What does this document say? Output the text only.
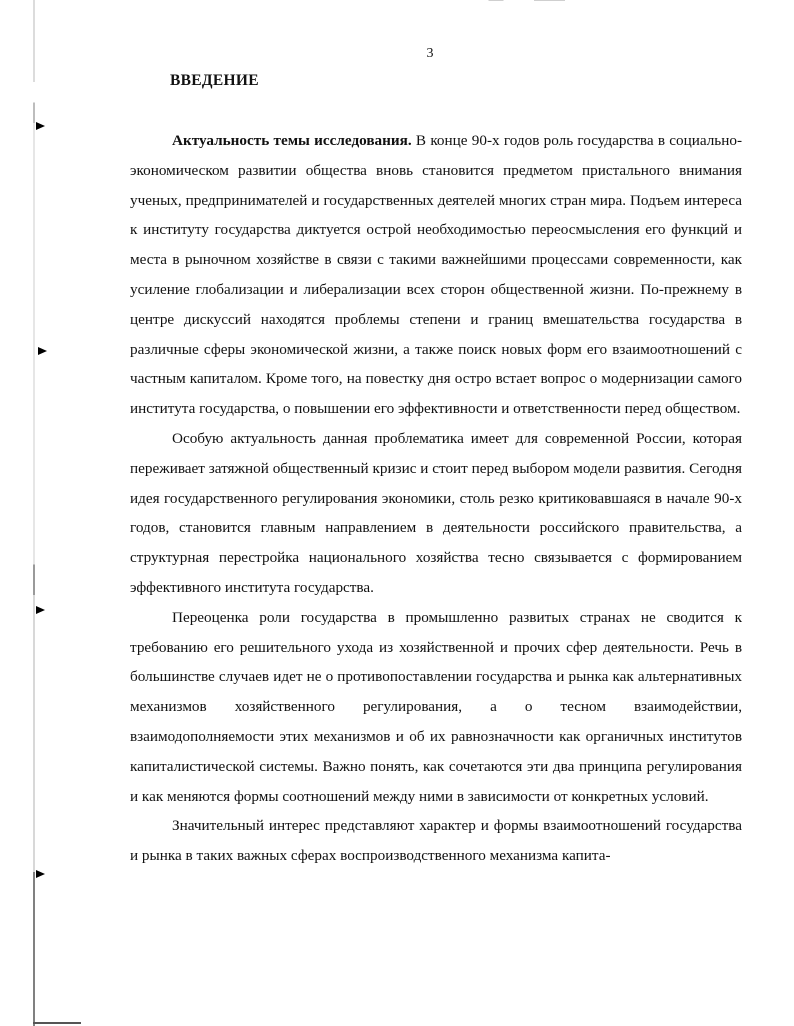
3
ВВЕДЕНИЕ

Актуальность темы исследования. В конце 90-х годов роль государства в социально-экономическом развитии общества вновь становится предметом пристального внимания ученых, предпринимателей и государственных деятелей многих стран мира. Подъем интереса к институту государства диктуется острой необходимостью переосмысления его функций и места в рыночном хозяйстве в связи с такими важнейшими процессами современности, как усиление глобализации и либерализации всех сторон общественной жизни. По-прежнему в центре дискуссий находятся проблемы степени и границ вмешательства государства в различные сферы экономической жизни, а также поиск новых форм его взаимоотношений с частным капиталом. Кроме того, на повестку дня остро встает вопрос о модернизации самого института государства, о повышении его эффективности и ответственности перед обществом.

Особую актуальность данная проблематика имеет для современной России, которая переживает затяжной общественный кризис и стоит перед выбором модели развития. Сегодня идея государственного регулирования экономики, столь резко критиковавшаяся в начале 90-х годов, становится главным направлением в деятельности российского правительства, а структурная перестройка национального хозяйства тесно связывается с формированием эффективного института государства.

Переоценка роли государства в промышленно развитых странах не сводится к требованию его решительного ухода из хозяйственной и прочих сфер деятельности. Речь в большинстве случаев идет не о противопоставлении государства и рынка как альтернативных механизмов хозяйственного регулирования, а о тесном взаимодействии, взаимодополняемости этих механизмов и об их равнозначности как органичных институтов капиталистической системы. Важно понять, как сочетаются эти два принципа регулирования и как меняются формы соотношений между ними в зависимости от конкретных условий.

Значительный интерес представляют характер и формы взаимоотношений государства и рынка в таких важных сферах воспроизводственного механизма капита-
